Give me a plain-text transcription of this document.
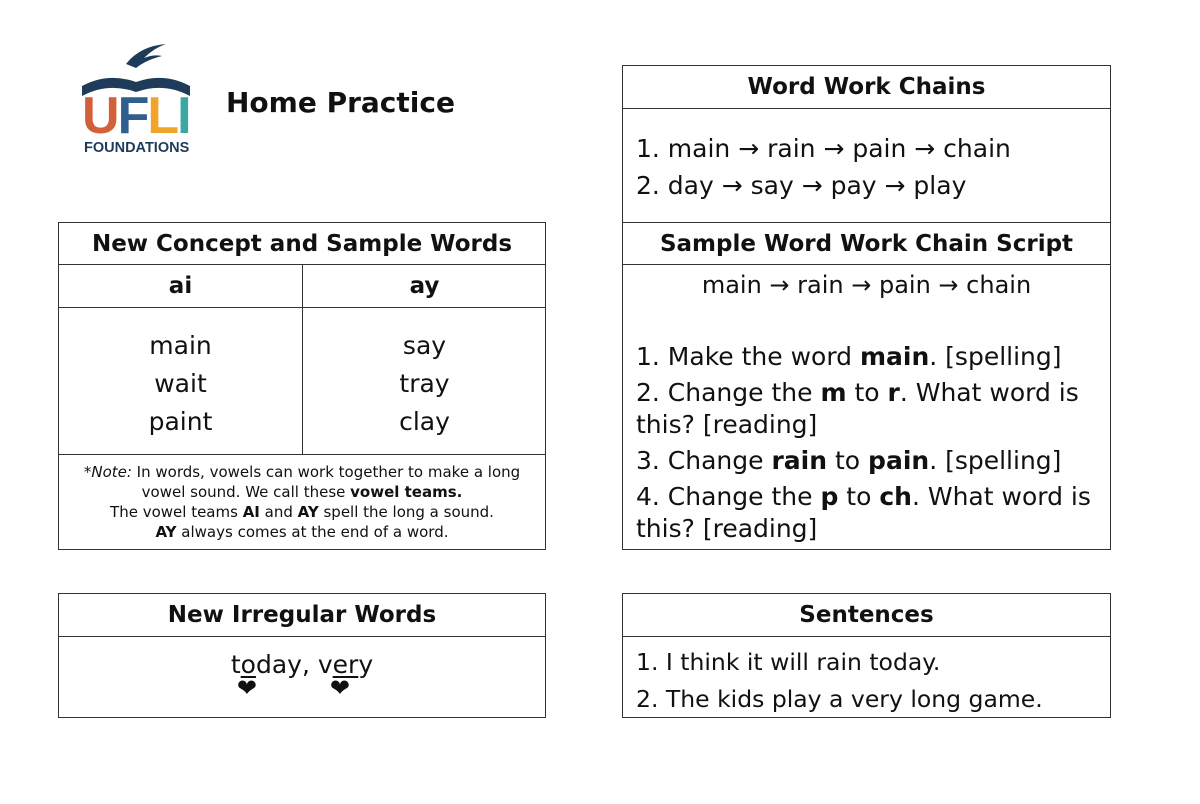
UFLI
FOUNDATIONS
Home Practice
New Concept and Sample Words
ai	ay
main
wait
paint
say
tray
clay
*Note: In words, vowels can work together to make a long
vowel sound. We call these vowel teams.
The vowel teams AI and AY spell the long a sound.
AY always comes at the end of a word.
New Irregular Words
today
❤
, very
❤
Word Work Chains
1. main → rain → pain → chain
2. day → say → pay → play
Sample Word Work Chain Script
main → rain → pain → chain
1. Make the word main. [spelling]
2. Change the m to r. What word is this? [reading]
3. Change rain to pain. [spelling]
4. Change the p to ch. What word is this? [reading]
Sentences
1. I think it will rain today.
2. The kids play a very long game.
